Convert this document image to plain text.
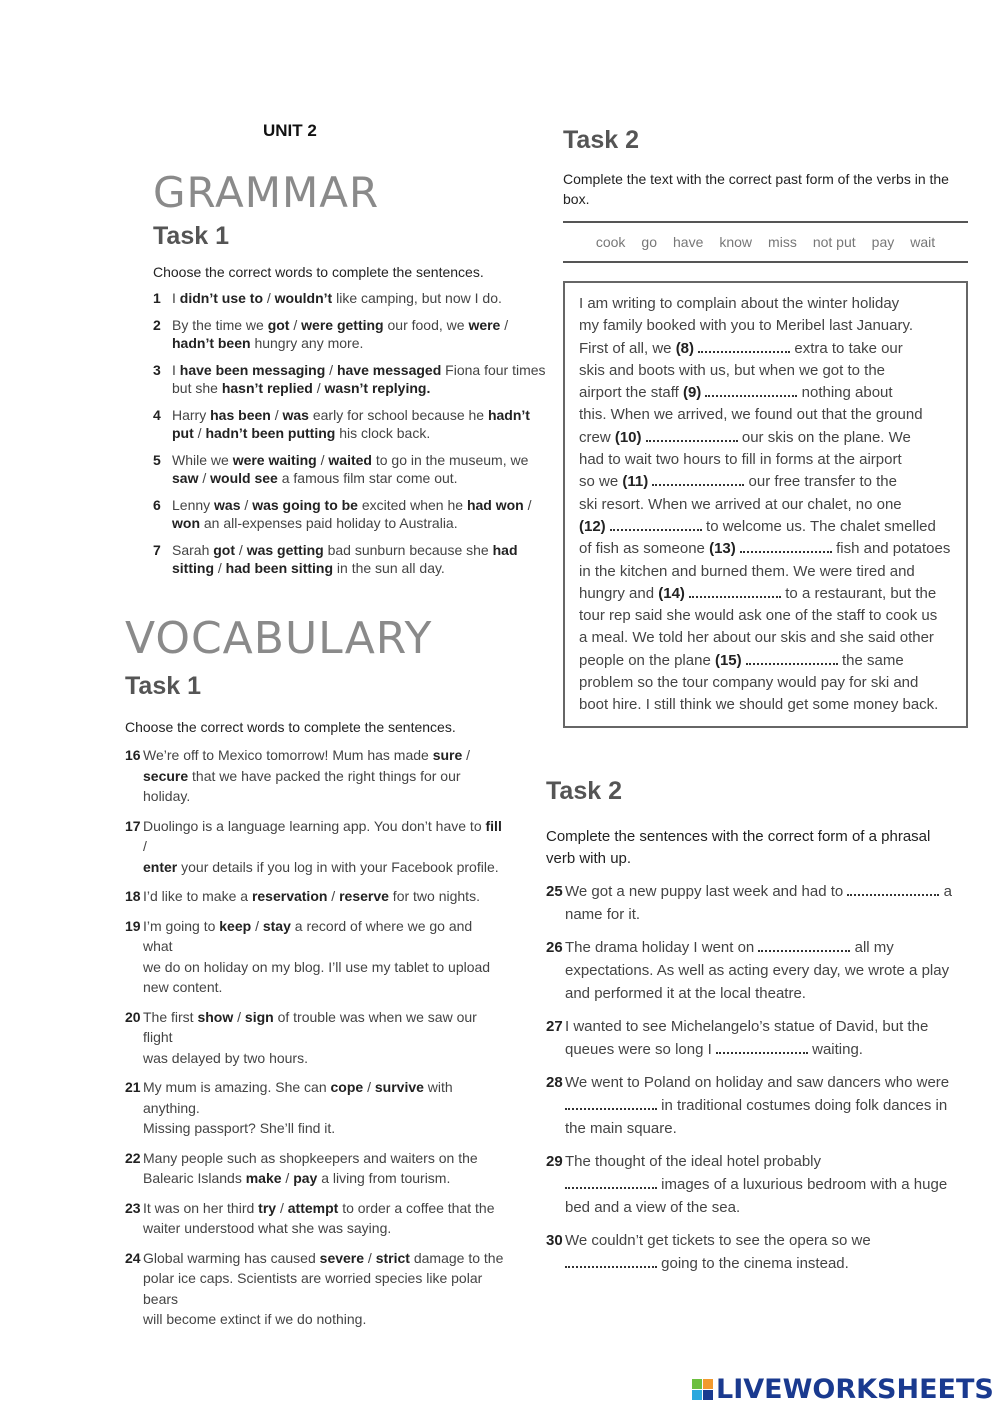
UNIT 2
GRAMMAR
Task 1
Choose the correct words to complete the sentences.
1 I didn’t use to / wouldn’t like camping, but now I do.
2 By the time we got / were getting our food, we were /
hadn’t been hungry any more.
3 I have been messaging / have messaged Fiona four times
but she hasn’t replied / wasn’t replying.
4 Harry has been / was early for school because he hadn’t
put / hadn’t been putting his clock back.
5 While we were waiting / waited to go in the museum, we
saw / would see a famous film star come out.
6 Lenny was / was going to be excited when he had won /
won an all-expenses paid holiday to Australia.
7 Sarah got / was getting bad sunburn because she had
sitting / had been sitting in the sun all day.
VOCABULARY
Task 1
Choose the correct words to complete the sentences.
16 We’re off to Mexico tomorrow! Mum has made sure /
secure that we have packed the right things for our holiday.
17 Duolingo is a language learning app. You don’t have to fill /
enter your details if you log in with your Facebook profile.
18 I’d like to make a reservation / reserve for two nights.
19 I’m going to keep / stay a record of where we go and what
we do on holiday on my blog. I’ll use my tablet to upload
new content.
20 The first show / sign of trouble was when we saw our flight
was delayed by two hours.
21 My mum is amazing. She can cope / survive with anything.
Missing passport? She’ll find it.
22 Many people such as shopkeepers and waiters on the
Balearic Islands make / pay a living from tourism.
23 It was on her third try / attempt to order a coffee that the
waiter understood what she was saying.
24 Global warming has caused severe / strict damage to the
polar ice caps. Scientists are worried species like polar bears
will become extinct if we do nothing.
Task 2
Complete the text with the correct past form of the verbs in the box.
cook go have know miss not put pay wait
I am writing to complain about the winter holiday
my family booked with you to Meribel last January.
First of all, we (8)	extra to take our
skis and boots with us, but when we got to the
airport the staff (9)	nothing about
this. When we arrived, we found out that the ground
crew (10)	our skis on the plane. We
had to wait two hours to fill in forms at the airport
so we (11)	our free transfer to the
ski resort. When we arrived at our chalet, no one
(12)	to welcome us. The chalet smelled
of fish as someone (13)	fish and potatoes
in the kitchen and burned them. We were tired and
hungry and (14)	to a restaurant, but the
tour rep said she would ask one of the staff to cook us
a meal. We told her about our skis and she said other
people on the plane (15)	the same
problem so the tour company would pay for ski and
boot hire. I still think we should get some money back.
Task 2
Complete the sentences with the correct form of a phrasal verb with up.
25 We got a new puppy last week and had to	a
name for it.
26 The drama holiday I went on	all my
expectations. As well as acting every day, we wrote a play
and performed it at the local theatre.
27 I wanted to see Michelangelo’s statue of David, but the
queues were so long I	waiting.
28 We went to Poland on holiday and saw dancers who were
in traditional costumes doing folk dances in
the main square.
29 The thought of the ideal hotel probably
images of a luxurious bedroom with a huge
bed and a view of the sea.
30 We couldn’t get tickets to see the opera so we
going to the cinema instead.
LIVEWORKSHEETS
